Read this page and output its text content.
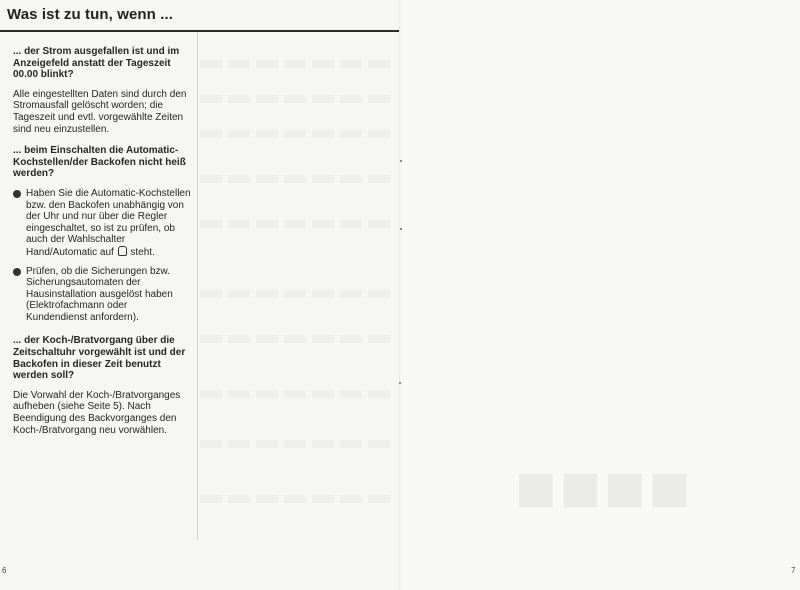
Was ist zu tun, wenn ...

... der Strom ausgefallen ist und im Anzeigefeld anstatt der Tageszeit 00.00 blinkt?

Alle eingestellten Daten sind durch den Stromausfall gelöscht worden; die Tageszeit und evtl. vorgewählte Zeiten sind neu einzustellen.

... beim Einschalten die Automatic-Kochstellen/der Backofen nicht heiß werden?

Haben Sie die Automatic-Kochstellen bzw. den Backofen unabhängig von der Uhr und nur über die Regler eingeschaltet, so ist zu prüfen, ob auch der Wahlschalter Hand/Automatic auf steht.
Prüfen, ob die Sicherungen bzw. Sicherungsautomaten der Hausinstallation ausgelöst haben (Elektrofachmann oder Kundendienst anfordern).

... der Koch-/Bratvorgang über die Zeitschaltuhr vorgewählt ist und der Backofen in dieser Zeit benutzt werden soll?

Die Vorwahl der Koch-/Bratvorganges aufheben (siehe Seite 5). Nach Beendigung des Backvorganges den Koch-/Bratvorgang neu vorwählen.

6
■■■■
7
